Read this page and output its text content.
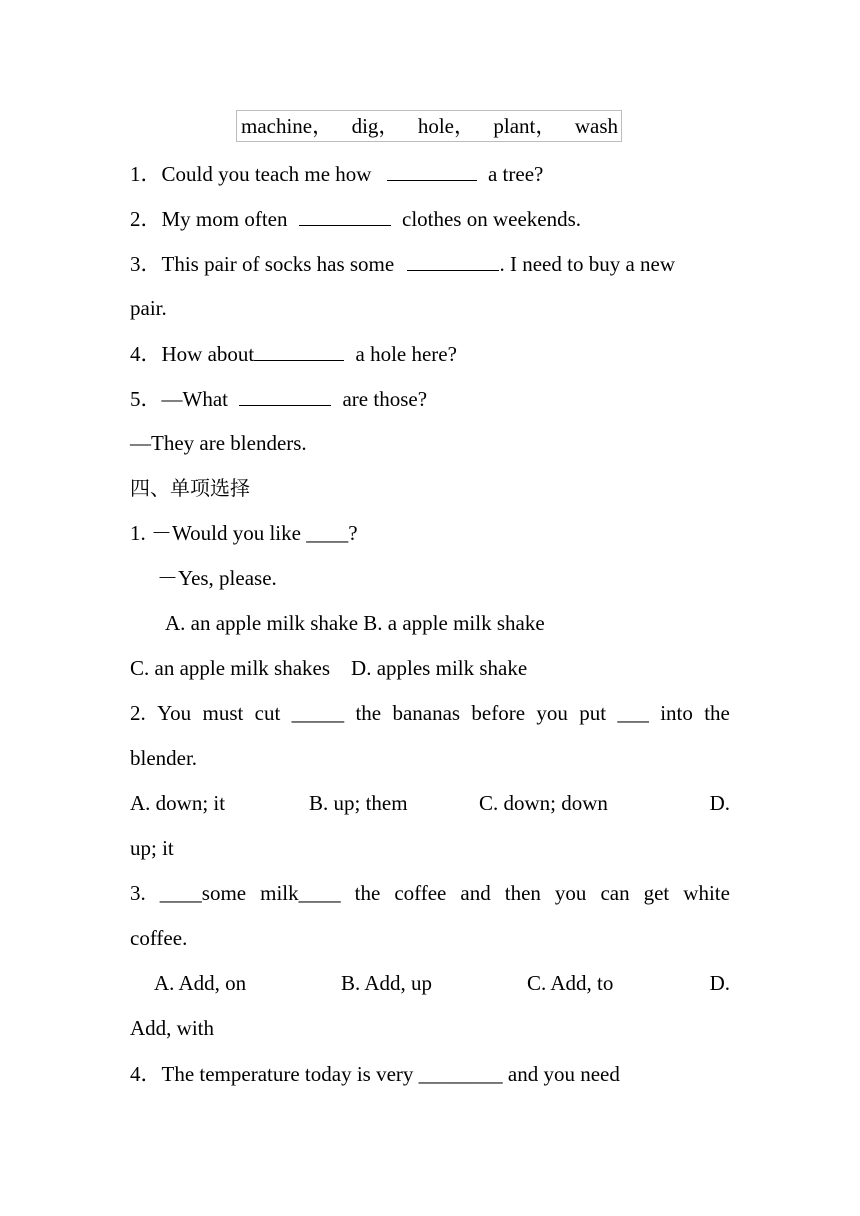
machine， dig， hole， plant， wash
1．Could you teach me how	a tree?
2．My mom often	clothes on weekends.
3．This pair of socks has some	. I need to buy a new
pair.
4．How about	a hole here?
5．—What	are those?
—They are blenders.
四、单项选择
1. －Would you like ____?
－Yes, please.
A. an apple milk shake B. a apple milk shake
C. an apple milk shakes　D. apples milk shake
2. You must cut _____ the bananas before you put ___ into the
blender.
A. down; it	B. up; them	C. down; down	D.
up; it
3. ____some milk____ the coffee and then you can get white
coffee.
A. Add, on	B. Add, up	C. Add, to	D.
Add, with
4．The temperature today is very ________ and you need
